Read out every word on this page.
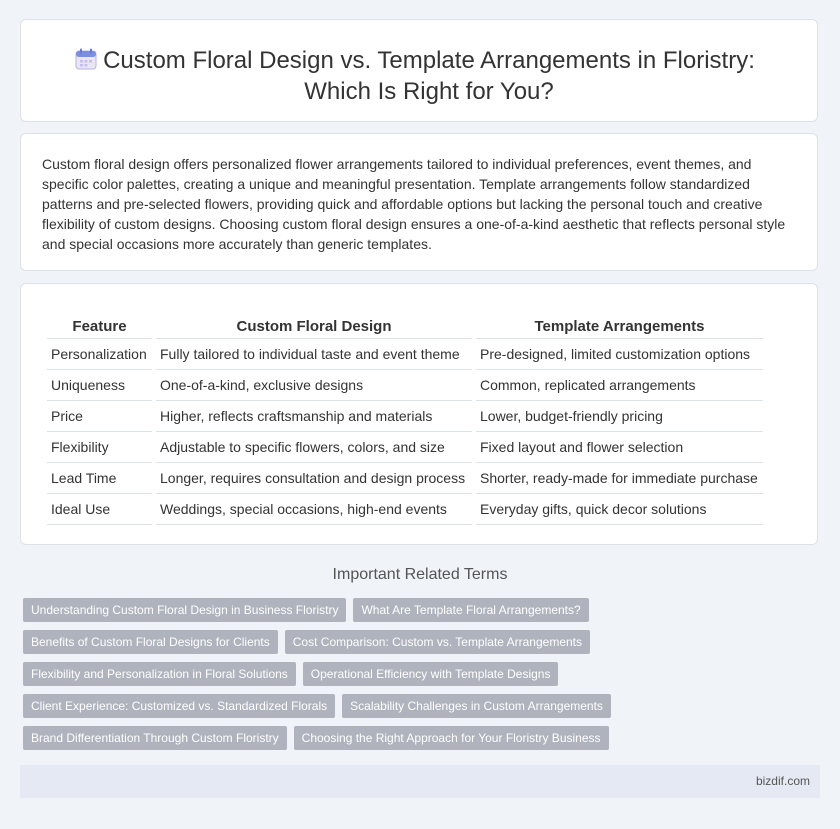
Custom Floral Design vs. Template Arrangements in Floristry: Which Is Right for You?

Custom floral design offers personalized flower arrangements tailored to individual preferences, event themes, and specific color palettes, creating a unique and meaningful presentation. Template arrangements follow standardized patterns and pre-selected flowers, providing quick and affordable options but lacking the personal touch and creative flexibility of custom designs. Choosing custom floral design ensures a one-of-a-kind aesthetic that reflects personal style and special occasions more accurately than generic templates.

Feature	Custom Floral Design	Template Arrangements
Personalization	Fully tailored to individual taste and event theme	Pre-designed, limited customization options
Uniqueness	One-of-a-kind, exclusive designs	Common, replicated arrangements
Price	Higher, reflects craftsmanship and materials	Lower, budget-friendly pricing
Flexibility	Adjustable to specific flowers, colors, and size	Fixed layout and flower selection
Lead Time	Longer, requires consultation and design process	Shorter, ready-made for immediate purchase
Ideal Use	Weddings, special occasions, high-end events	Everyday gifts, quick decor solutions
Important Related Terms
Understanding Custom Floral Design in Business Floristry	What Are Template Floral Arrangements?
Benefits of Custom Floral Designs for Clients	Cost Comparison: Custom vs. Template Arrangements
Flexibility and Personalization in Floral Solutions	Operational Efficiency with Template Designs
Client Experience: Customized vs. Standardized Florals	Scalability Challenges in Custom Arrangements
Brand Differentiation Through Custom Floristry	Choosing the Right Approach for Your Floristry Business
bizdif.com
